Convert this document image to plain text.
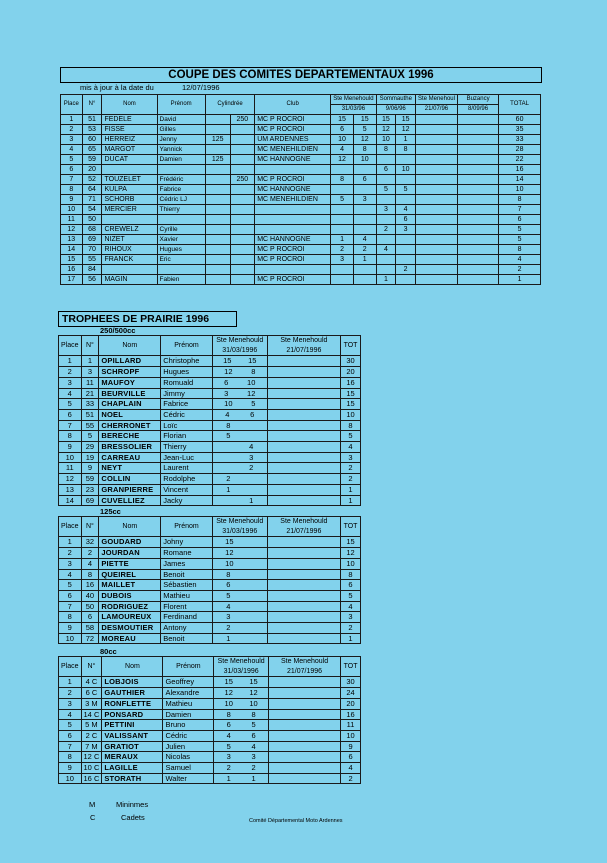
COUPE DES COMITES DEPARTEMENTAUX 1996
mis à jour à la date du	12/07/1996
Place	N°	Nom	Prénom	Cylindrée		Club	Ste Menehould		Sommauthe		Ste Menehoul	Buzancy	TOTAL
							31/03/96		9/06/96		21/07/96	8/09/96	
1	51	FEDELE	David		250	MC P ROCROI	15	15	15	15			60
2	53	FISSE	Gilles			MC P ROCROI	6	5	12	12			35
3	60	HERREIZ	Jenny	125		UM ARDENNES	10	12	10	1			33
4	65	MARGOT	Yannick			MC MENEHILDIEN	4	8	8	8			28
5	59	DUCAT	Damien	125		MC HANNOGNE	12	10					22
6	20								6	10			16
7	52	TOUZELET	Frédéric		250	MC P ROCROI	8	6					14
8	64	KULPA	Fabrice			MC HANNOGNE			5	5			10
9	71	SCHORB	Cédric LJ			MC MENEHILDIEN	5	3					8
10	54	MERCIER	Thierry						3	4			7
11	50									6			6
12	68	CREWELZ	Cyrille						2	3			5
13	69	NIZET	Xavier			MC HANNOGNE	1	4					5
14	70	RIHOUX	Hugues			MC P ROCROI	2	2	4				8
15	55	FRANCK	Eric			MC P ROCROI	3	1					4
16	84									2			2
17	56	MAGIN	Fabien			MC P ROCROI			1				1
TROPHEES DE PRAIRIE 1996
250/500cc
Place	N°	Nom	Prénom	Ste Menehould	Ste Menehould	TOT
				31/03/1996	21/07/1996	
1	1	OPILLARD	Christophe	15 15		30
2	3	SCHROPF	Hugues	12 8		20
3	11	MAUFOY	Romuald	6 10		16
4	21	BEURVILLE	Jimmy	3 12		15
5	33	CHAPLAIN	Fabrice	10 5		15
6	51	NOEL	Cédric	4 6		10
7	55	CHERRONET	Loïc	8		8
8	5	BERECHE	Florian	5		5
9	29	BRESSOLIER	Thierry	4		4
10	19	CARREAU	Jean-Luc	3		3
11	9	NEYT	Laurent	2		2
12	59	COLLIN	Rodolphe	2		2
13	23	GRANPIERRE	Vincent	1		1
14	69	CUVELLIEZ	Jacky	1		1
125cc
Place	N°	Nom	Prénom	Ste Menehould	Ste Menehould	TOT
				31/03/1996	21/07/1996	
1	32	GOUDARD	Johny	15		15
2	2	JOURDAN	Romane	12		12
3	4	PIETTE	James	10		10
4	8	QUEIREL	Benoit	8		8
5	16	MAILLET	Sébastien	6		6
6	40	DUBOIS	Mathieu	5		5
7	50	RODRIGUEZ	Florent	4		4
8	6	LAMOUREUX	Ferdinand	3		3
9	58	DESMOUTIER	Antony	2		2
10	72	MOREAU	Benoit	1		1
80cc
Place	N°	Nom	Prénom	Ste Menehould	Ste Menehould	TOT
				31/03/1996	21/07/1996	
1	4 C	LOBJOIS	Geoffrey	15 15		30
2	6 C	GAUTHIER	Alexandre	12 12		24
3	3 M	RONFLETTE	Mathieu	10 10		20
4	14 C	PONSARD	Damien	8 8		16
5	5 M	PETTINI	Bruno	6 5		11
6	2 C	VALISSANT	Cédric	4 6		10
7	7 M	GRATIOT	Julien	5 4		9
8	12 C	MERAUX	Nicolas	3 3		6
9	10 C	LAGILLE	Samuel	2 2		4
10	16 C	STORATH	Walter	1 1		2
M	Mininmes
C	Cadets	Comité Départemental Moto Ardennes
